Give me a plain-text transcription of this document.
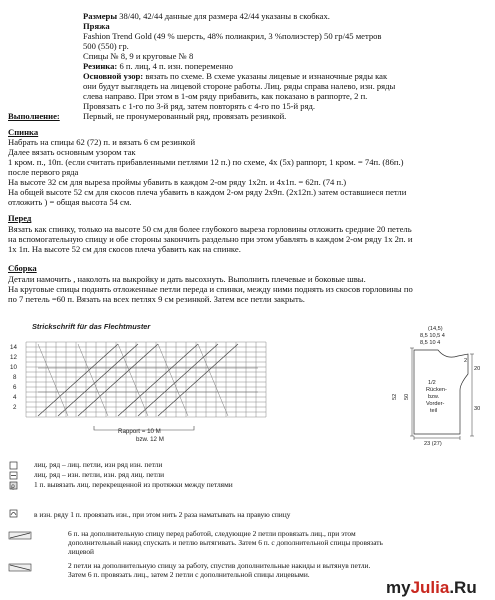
Размеры 38/40, 42/44 данные для размера 42/44 указаны в скобках.
Пряжа
Fashion Trend Gold (49 % шерсть, 48% полиакрил, 3 %полиэстер) 50 гр/45 метров
500 (550) гр.
Спицы № 8, 9 и круговые № 8
Резинка: 6 п. лиц, 4 п. изн. попеременно
Основной узор: вязать по схеме. В схеме указаны лицевые и изнаночные ряды как
они будут выглядеть на лицевой стороне работы. Лиц. ряды справа налево, изн. ряды
слева направо. При этом в 1-ом ряду прибавить, как показано в раппорте, 2 п.
Провязать с 1-го по 3-й ряд, затем повторять с 4-го по 15-й ряд.
Первый, не пронумерованный ряд, провязать резинкой.
Выполнение:
Спинка
Набрать на спицы 62 (72) п. и вязать 6 см резинкой
Далее вязать основным узором так
1 кром. п., 10п. (если считать прибавленными петлями 12 п.) по схеме, 4х (5х) раппорт, 1 кром. = 74п. (86п.)
после первого ряда
На высоте 32 см для выреза проймы убавить в каждом 2-ом ряду 1х2п. и 4х1п. = 62п. (74 п.)
На общей высоте 52 см для скосов плеча убавить в каждом 2-ом ряду 2х9п. (2х12п.) затем оставшиеся петли
отложить ) = общая высота 54 см.
Перед
Вязать как спинку, только на высоте 50 см для более глубокого выреза горловины отложить средние 20 петель
на вспомогательную спицу и обе стороны закончить раздельно при этом убавлять в каждом 2-ом ряду 1х 2п. и
1х 1п. На высоте 52 см для скосов плеча убавить как на спинке.
Сборка
Детали намочить , наколоть на выкройку и дать высохнуть. Выполнить плечевые и боковые швы.
На круговые спицы поднять отложенные петли переда и спинки, между ними поднять из скосов горловины по
по 7 петель =60 п. Вязать на всех петлях 9 см резинкой. Затем все петли закрыть.
Strickschrift für das Flechtmuster
14
12
10
8
6
4
2
Rapport = 10 M
bzw. 12 M
(14,5)
8,5 10,5 4
8,5 10 4
50
52
2
20
30
1/2
Rücken-
bzw.
Vorder-
teil
23 (27)
лиц. ряд – лиц. петли, изн ряд изн. петли
лиц. ряд – изн. петли, изн. ряд лиц. петли
ϱ	1 п. вывязать лиц. перекрещенной из протяжки между петлями
в изн. ряду 1 п. провязать изн., при этом нить 2 раза наматывать на правую спицу
6 п. на дополнительную спицу перед работой, следующие 2 петли провязать лиц., при этом
дополнительный накид спускать и петлю вытягивать. Затем 6 п. с дополнительной спицы провязать
лицевой
2 петли на дополнительную спицу за работу, спустив дополнительные накиды и вытянув петли.
Затем 6 п. провязать лиц., затем 2 петли с дополнительной спицы лицевыми.
myJulia.Ru
